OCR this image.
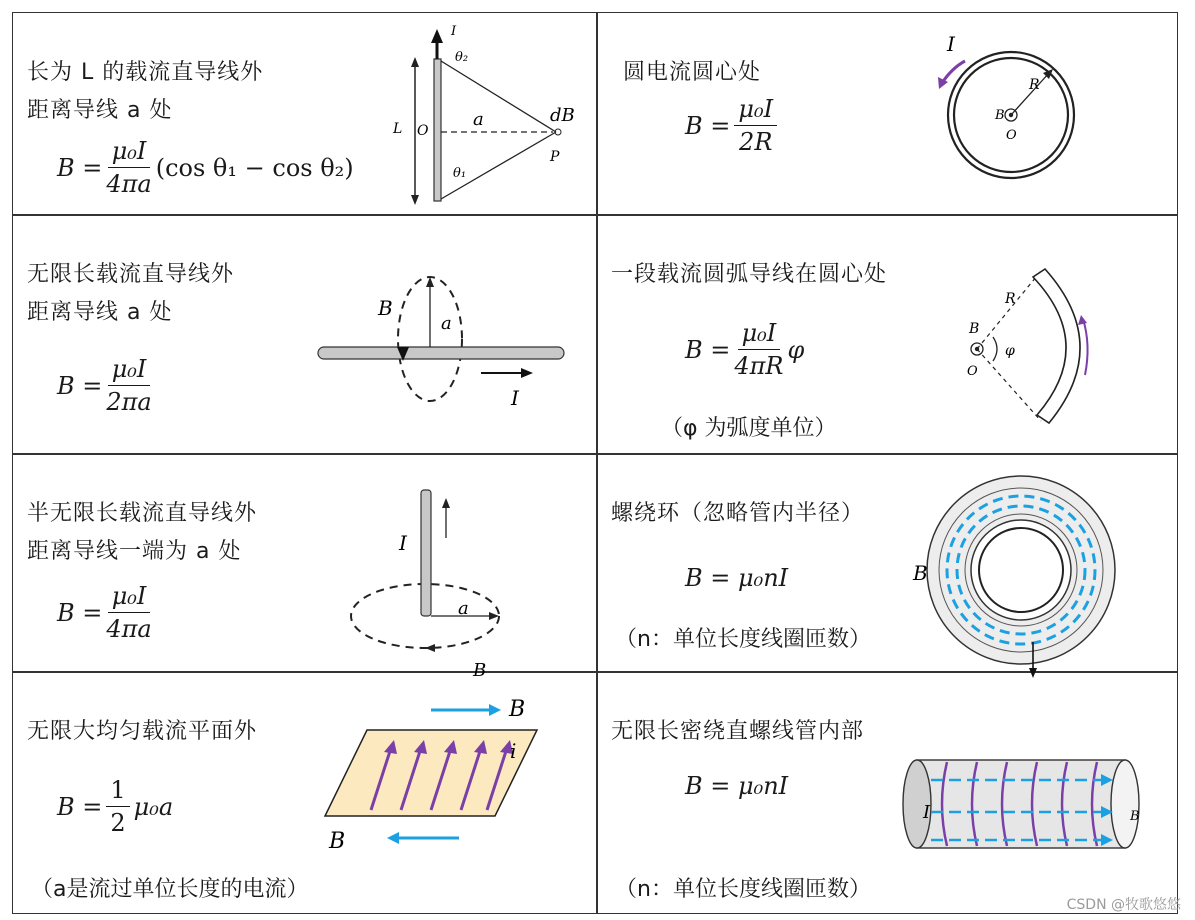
长为 L 的载流直导线外
距离导线 a 处
$B = \frac{\text{μ₀I}}{4\pi a} (\cos$ θ₁ − cos θ₂)
I
θ₂
L O
a	dB
P
θ₁
圆电流圆心处
$B = \frac{\text{μ₀I}}{2R}$
I
R
B
O
无限长载流直导线外
距离导线 a 处
$B = \frac{\text{μ₀I}}{2\pi a}$
B
a
I
一段载流圆弧导线在圆心处
$B = \frac{\text{μ₀I}}{4\pi R}$ φ
（φ 为弧度单位）
R
B
φ
O
半无限长载流直导线外
距离导线一端为 a 处
$B = \frac{\text{μ₀I}}{4\pi a}$
I
a
B
螺绕环（忽略管内半径）
B = μ₀nI
（n：单位长度线圈匝数）
B
无限大均匀载流平面外
$B = \frac{1}{2} \mu_0a$
（a是流过单位长度的电流）
B
i
B
无限长密绕直螺线管内部
B = μ₀nI
（n：单位长度线圈匝数）
I	B
CSDN @牧歌悠悠
